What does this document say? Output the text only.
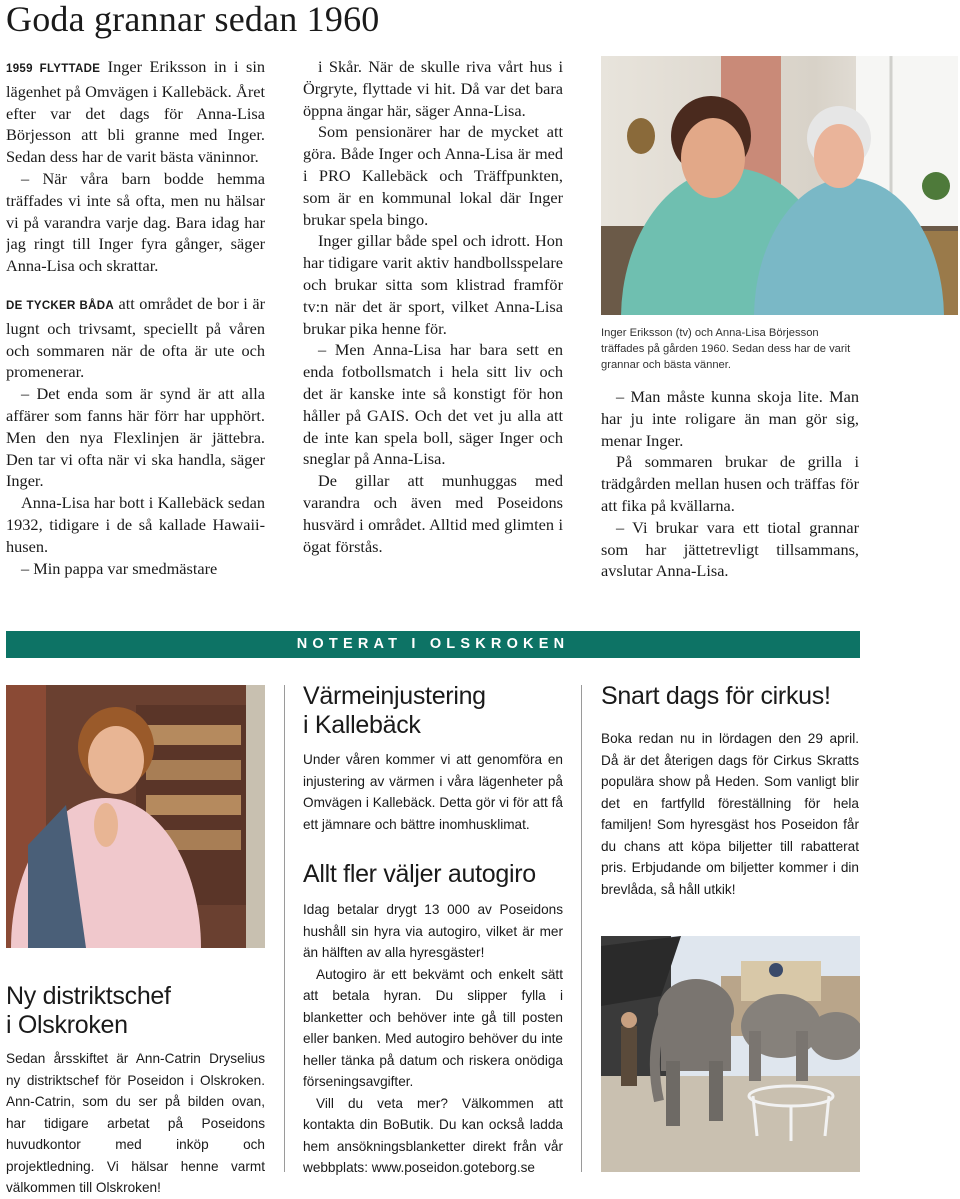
Goda grannar sedan 1960

1959 FLYTTADE Inger Eriksson in i sin lägenhet på Omvägen i Kallebäck. Året efter var det dags för Anna-Lisa Börjesson att bli granne med Inger. Sedan dess har de varit bästa väninnor.

– När våra barn bodde hemma träffades vi inte så ofta, men nu hälsar vi på varandra varje dag. Bara idag har jag ringt till Inger fyra gånger, säger Anna-Lisa och skrattar.

DE TYCKER BÅDA att området de bor i är lugnt och trivsamt, speciellt på våren och sommaren när de ofta är ute och promenerar.

– Det enda som är synd är att alla affärer som fanns här förr har upphört. Men den nya Flexlinjen är jättebra. Den tar vi ofta när vi ska handla, säger Inger.

Anna-Lisa har bott i Kallebäck sedan 1932, tidigare i de så kallade Hawaii-husen.

– Min pappa var smedmästare

i Skår. När de skulle riva vårt hus i Örgryte, flyttade vi hit. Då var det bara öppna ängar här, säger Anna-Lisa.

Som pensionärer har de mycket att göra. Både Inger och Anna-Lisa är med i PRO Kallebäck och Träffpunkten, som är en kommunal lokal där Inger brukar spela bingo.

Inger gillar både spel och idrott. Hon har tidigare varit aktiv handbollsspelare och brukar sitta som klistrad framför tv:n när det är sport, vilket Anna-Lisa brukar pika henne för.

– Men Anna-Lisa har bara sett en enda fotbollsmatch i hela sitt liv och det är kanske inte så konstigt för hon håller på GAIS. Och det vet ju alla att de inte kan spela boll, säger Inger och sneglar på Anna-Lisa.

De gillar att munhuggas med varandra och även med Poseidons husvärd i området. Alltid med glimten i ögat förstås.

Inger Eriksson (tv) och Anna-Lisa Börjesson träffades på gården 1960. Sedan dess har de varit grannar och bästa vänner.

– Man måste kunna skoja lite. Man har ju inte roligare än man gör sig, menar Inger.

På sommaren brukar de grilla i trädgården mellan husen och träffas för att fika på kvällarna.

– Vi brukar vara ett tiotal grannar som har jättetrevligt tillsammans, avslutar Anna-Lisa.

NOTERAT I OLSKROKEN
Ny distriktschef
i Olskroken

Sedan årsskiftet är Ann-Catrin Dryselius ny distriktschef för Poseidon i Olskroken. Ann-Catrin, som du ser på bilden ovan, har tidigare arbetat på Poseidons huvudkontor med inköp och projektledning. Vi hälsar henne varmt välkommen till Olskroken!

Värmeinjustering
i Kallebäck

Under våren kommer vi att genomföra en injustering av värmen i våra lägenheter på Omvägen i Kallebäck. Detta gör vi för att få ett jämnare och bättre inomhusklimat.

Allt fler väljer autogiro

Idag betalar drygt 13 000 av Poseidons hushåll sin hyra via autogiro, vilket är mer än hälften av alla hyresgäster!

Autogiro är ett bekvämt och enkelt sätt att betala hyran. Du slipper fylla i blanketter och behöver inte gå till posten eller banken. Med autogiro behöver du inte heller tänka på datum och riskera onödiga förseningsavgifter.

Vill du veta mer? Välkommen att kontakta din BoButik. Du kan också ladda hem ansökningsblanketter direkt från vår webbplats: www.poseidon.goteborg.se

Snart dags för cirkus!

Boka redan nu in lördagen den 29 april. Då är det återigen dags för Cirkus Skratts populära show på Heden. Som vanligt blir det en fartfylld föreställning för hela familjen! Som hyresgäst hos Poseidon får du chans att köpa biljetter till rabatterat pris. Erbjudande om biljetter kommer i din brevlåda, så håll utkik!
